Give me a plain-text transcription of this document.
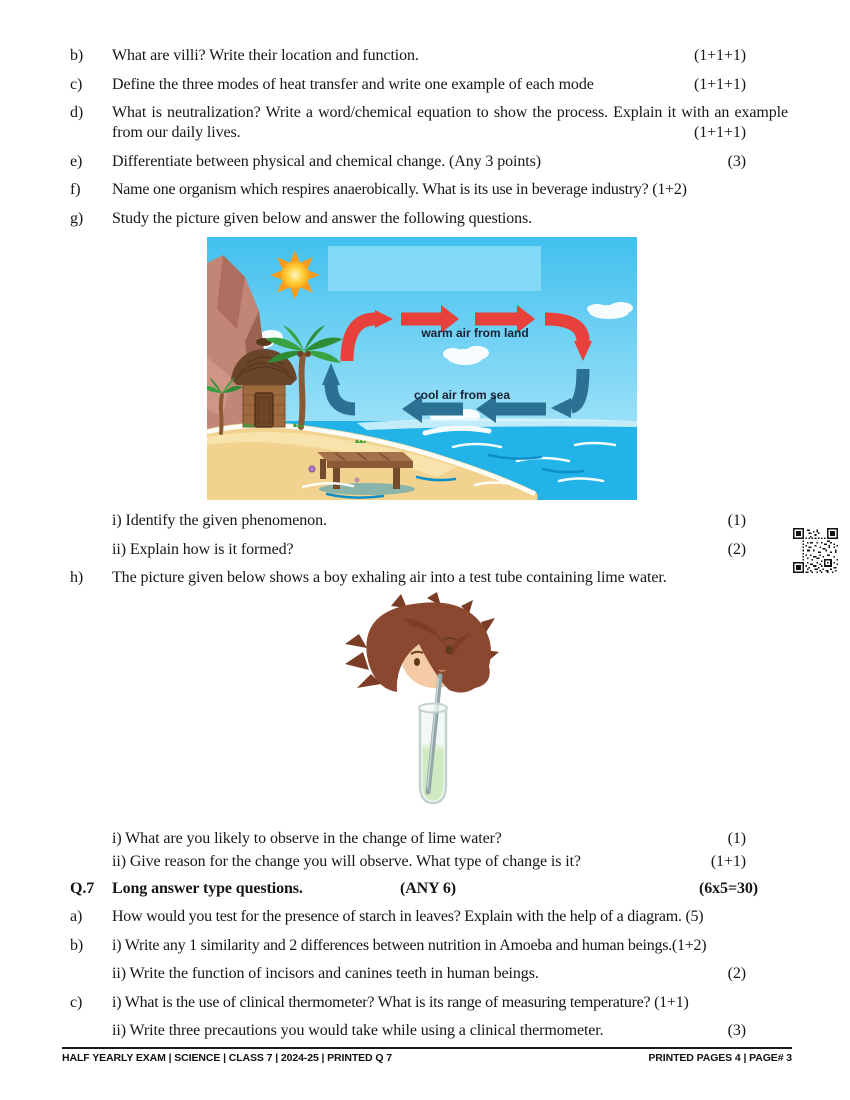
b)	What are villi? Write their location and function.	(1+1+1)
c)	Define the three modes of heat transfer and write one example of each mode	(1+1+1)
d)	What is neutralization? Write a word/chemical equation to show the process. Explain it with an example from our daily lives.	(1+1+1)
e)	Differentiate between physical and chemical change. (Any 3 points)	(3)
f)	Name one organism which respires anaerobically. What is its use in beverage industry? (1+2)
g)	Study the picture given below and answer the following questions.
warm air from land
cool air from sea
i) Identify the given phenomenon.	(1)
ii) Explain how is it formed?	(2)
h)	The picture given below shows a boy exhaling air into a test tube containing lime water.
i) What are you likely to observe in the change of lime water?	(1)
ii) Give reason for the change you will observe. What type of change is it?	(1+1)
Q.7	Long answer type questions.	(ANY 6)	(6x5=30)
a)	How would you test for the presence of starch in leaves? Explain with the help of a diagram. (5)
b)	i) Write any 1 similarity and 2 differences between nutrition in Amoeba and human beings.(1+2)
ii) Write the function of incisors and canines teeth in human beings.	(2)
c)	i) What is the use of clinical thermometer? What is its range of measuring temperature? (1+1)
ii) Write three precautions you would take while using a clinical thermometer.	(3)
HALF YEARLY EXAM | SCIENCE | CLASS 7 | 2024-25 | PRINTED Q 7	PRINTED PAGES 4 | PAGE# 3
